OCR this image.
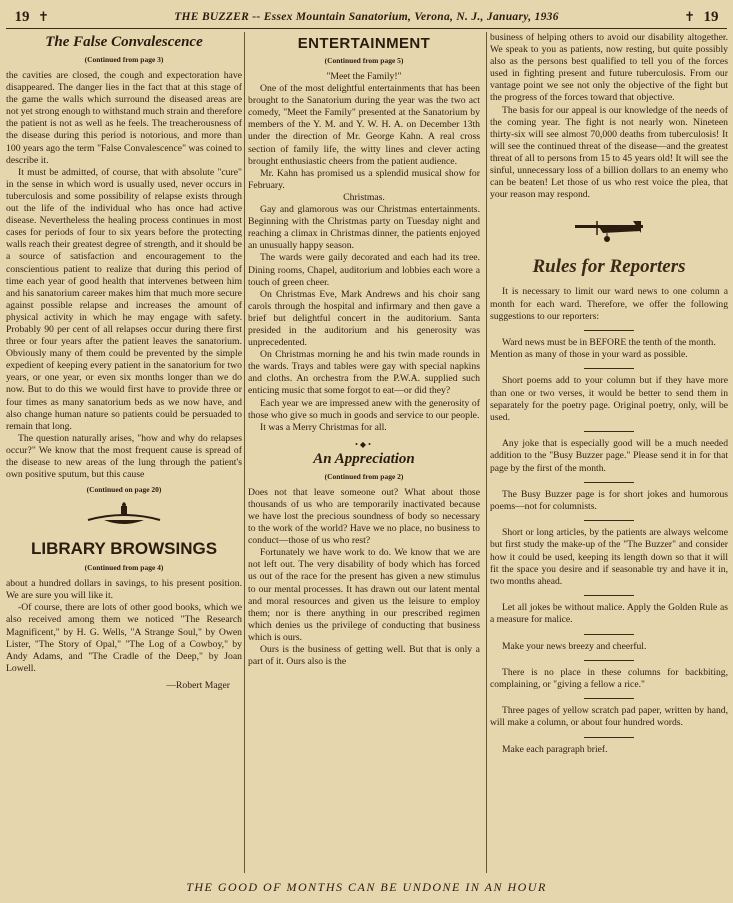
19 ✝	THE BUZZER -- Essex Mountain Sanatorium, Verona, N. J., January, 1936	✝ 19
The False Convalescence
(Continued from page 3)

the cavities are closed, the cough and expectoration have disappeared. The danger lies in the fact that at this stage of the game the walls which surround the diseased areas are not yet strong enough to withstand much strain and therefore the patient is not as well as he feels. The treacherousness of the disease during this period is notorious, and more than 100 years ago the term "False Convalescence" was coined to describe it.

It must be admitted, of course, that with absolute "cure" in the sense in which word is usually used, never occurs in tuberculosis and some possibility of relapse exists through out the life of the individual who has once had active disease. Nevertheless the healing process continues in most cases for periods of four to six years before the protecting walls reach their greatest degree of strength, and it should be a source of satisfaction and encouragement to the conscientious patient to realize that during this period of time each year of good health that intervenes between him and his sanatorium career makes him that much more secure against possible relapse and increases the amount of physical activity in which he may engage with safety. Probably 90 per cent of all relapses occur during there first three or four years after the patient leaves the sanatorium. Obviously many of them could be prevented by the simple expedient of keeping every patient in the sanatorium for two years, or one year, or even six months longer than we do now. But to do this we would first have to provide three or four times as many sanatorium beds as we now have, and also change human nature so patients could be persuaded to remain that long.

The question naturally arises, "how and why do relapses occur?" We know that the most frequent cause is spread of the disease to new areas of the lung through the patient's own positive sputum, but this cause

(Continued on page 20)
LIBRARY BROWSINGS
(Continued from page 4)

about a hundred dollars in savings, to his present position. We are sure you will like it.

-Of course, there are lots of other good books, which we also received among them we noticed "The Research Magnificent," by H. G. Wells, "A Strange Soul," by Owen Lister, "The Story of Opal," "The Log of a Cowboy," by Andy Adams, and "The Cradle of the Deep," by Joan Lowell.

—Robert Mager
ENTERTAINMENT
(Continued from page 5)
"Meet the Family!"

One of the most delightful entertainments that has been brought to the Sanatorium during the year was the two act comedy, "Meet the Family" presented at the Sanatorium by members of the Y. M. and Y. W. H. A. on December 13th under the direction of Mr. George Kahn. A real cross section of family life, the witty lines and clever acting brought enthusiastic cheers from the patient audience.

Mr. Kahn has promised us a splendid musical show for February.

Christmas.

Gay and glamorous was our Christmas entertainments. Beginning with the Christmas party on Tuesday night and reaching a climax in Christmas dinner, the patients enjoyed an unusually happy season.

The wards were gaily decorated and each had its tree. Dining rooms, Chapel, auditorium and lobbies each wore a touch of green cheer.

On Christmas Eve, Mark Andrews and his choir sang carols through the hospital and infirmary and then gave a brief but delightful concert in the auditorium. Santa presided in the auditorium and his generosity was unprecedented.

On Christmas morning he and his twin made rounds in the wards. Trays and tables were gay with special napkins and cloths. An orchestra from the P.W.A. supplied such enticing music that some forgot to eat—or did they?

Each year we are impressed anew with the generosity of those who give so much in goods and service to our people.

It was a Merry Christmas for all.

•◆•
An Appreciation
(Continued from page 2)

Does not that leave someone out? What about those thousands of us who are temporarily inactivated because we have lost the precious soundness of body so necessary to the work of the world? Have we no place, no business to conduct—those of us who rest?

Fortunately we have work to do. We know that we are not left out. The very disability of body which has forced us out of the race for the present has given a new stimulus to our mental processes. It has drawn out our latent mental and moral resources and given us the leisure to employ them; nor is there anything in our prescribed regimen which denies us the privilege of conducting that business which is ours.

Ours is the business of getting well. But that is only a part of it. Ours also is the

business of helping others to avoid our disability altogether. We speak to you as patients, now resting, but quite possibly also as the persons best qualified to tell you of the forces used in fighting present and future tuberculosis. From our vantage point we see not only the objective of the fight but the progress of the forces toward that objective.

The basis for our appeal is our knowledge of the needs of the coming year. The fight is not nearly won. Nineteen thirty-six will see almost 70,000 deaths from tuberculosis! It will see the continued threat of the disease—and the greatest threat of all to persons from 15 to 45 years old! It will see the sinful, unnecessary loss of a billion dollars to an enemy who can be beaten! Let those of us who rest voice the plea, that your reason may respond.

Rules for Reporters

It is necessary to limit our ward news to one column a month for each ward. Therefore, we offer the following suggestions to our reporters:

Ward news must be in BEFORE the tenth of the month.
Mention as many of those in your ward as possible.

Short poems add to your column but if they have more than one or two verses, it would be better to send them in separately for the poetry page. Original poetry, only, will be used.

Any joke that is especially good will be a much needed addition to the "Busy Buzzer page." Please send it in for that page by the first of the month.

The Busy Buzzer page is for short jokes and humorous poems—not for columnists.

Short or long articles, by the patients are always welcome but first study the make-up of the "The Buzzer" and consider how it could be used, keeping its length down so that it will fit the space you desire and if seasonable try and have it in, two months ahead.

Let all jokes be without malice. Apply the Golden Rule as a measure for malice.

Make your news breezy and cheerful.

There is no place in these columns for backbiting, complaining, or "giving a fellow a rice."

Three pages of yellow scratch pad paper, written by hand, will make a column, or about four hundred words.

Make each paragraph brief.

THE GOOD OF MONTHS CAN BE UNDONE IN AN HOUR
